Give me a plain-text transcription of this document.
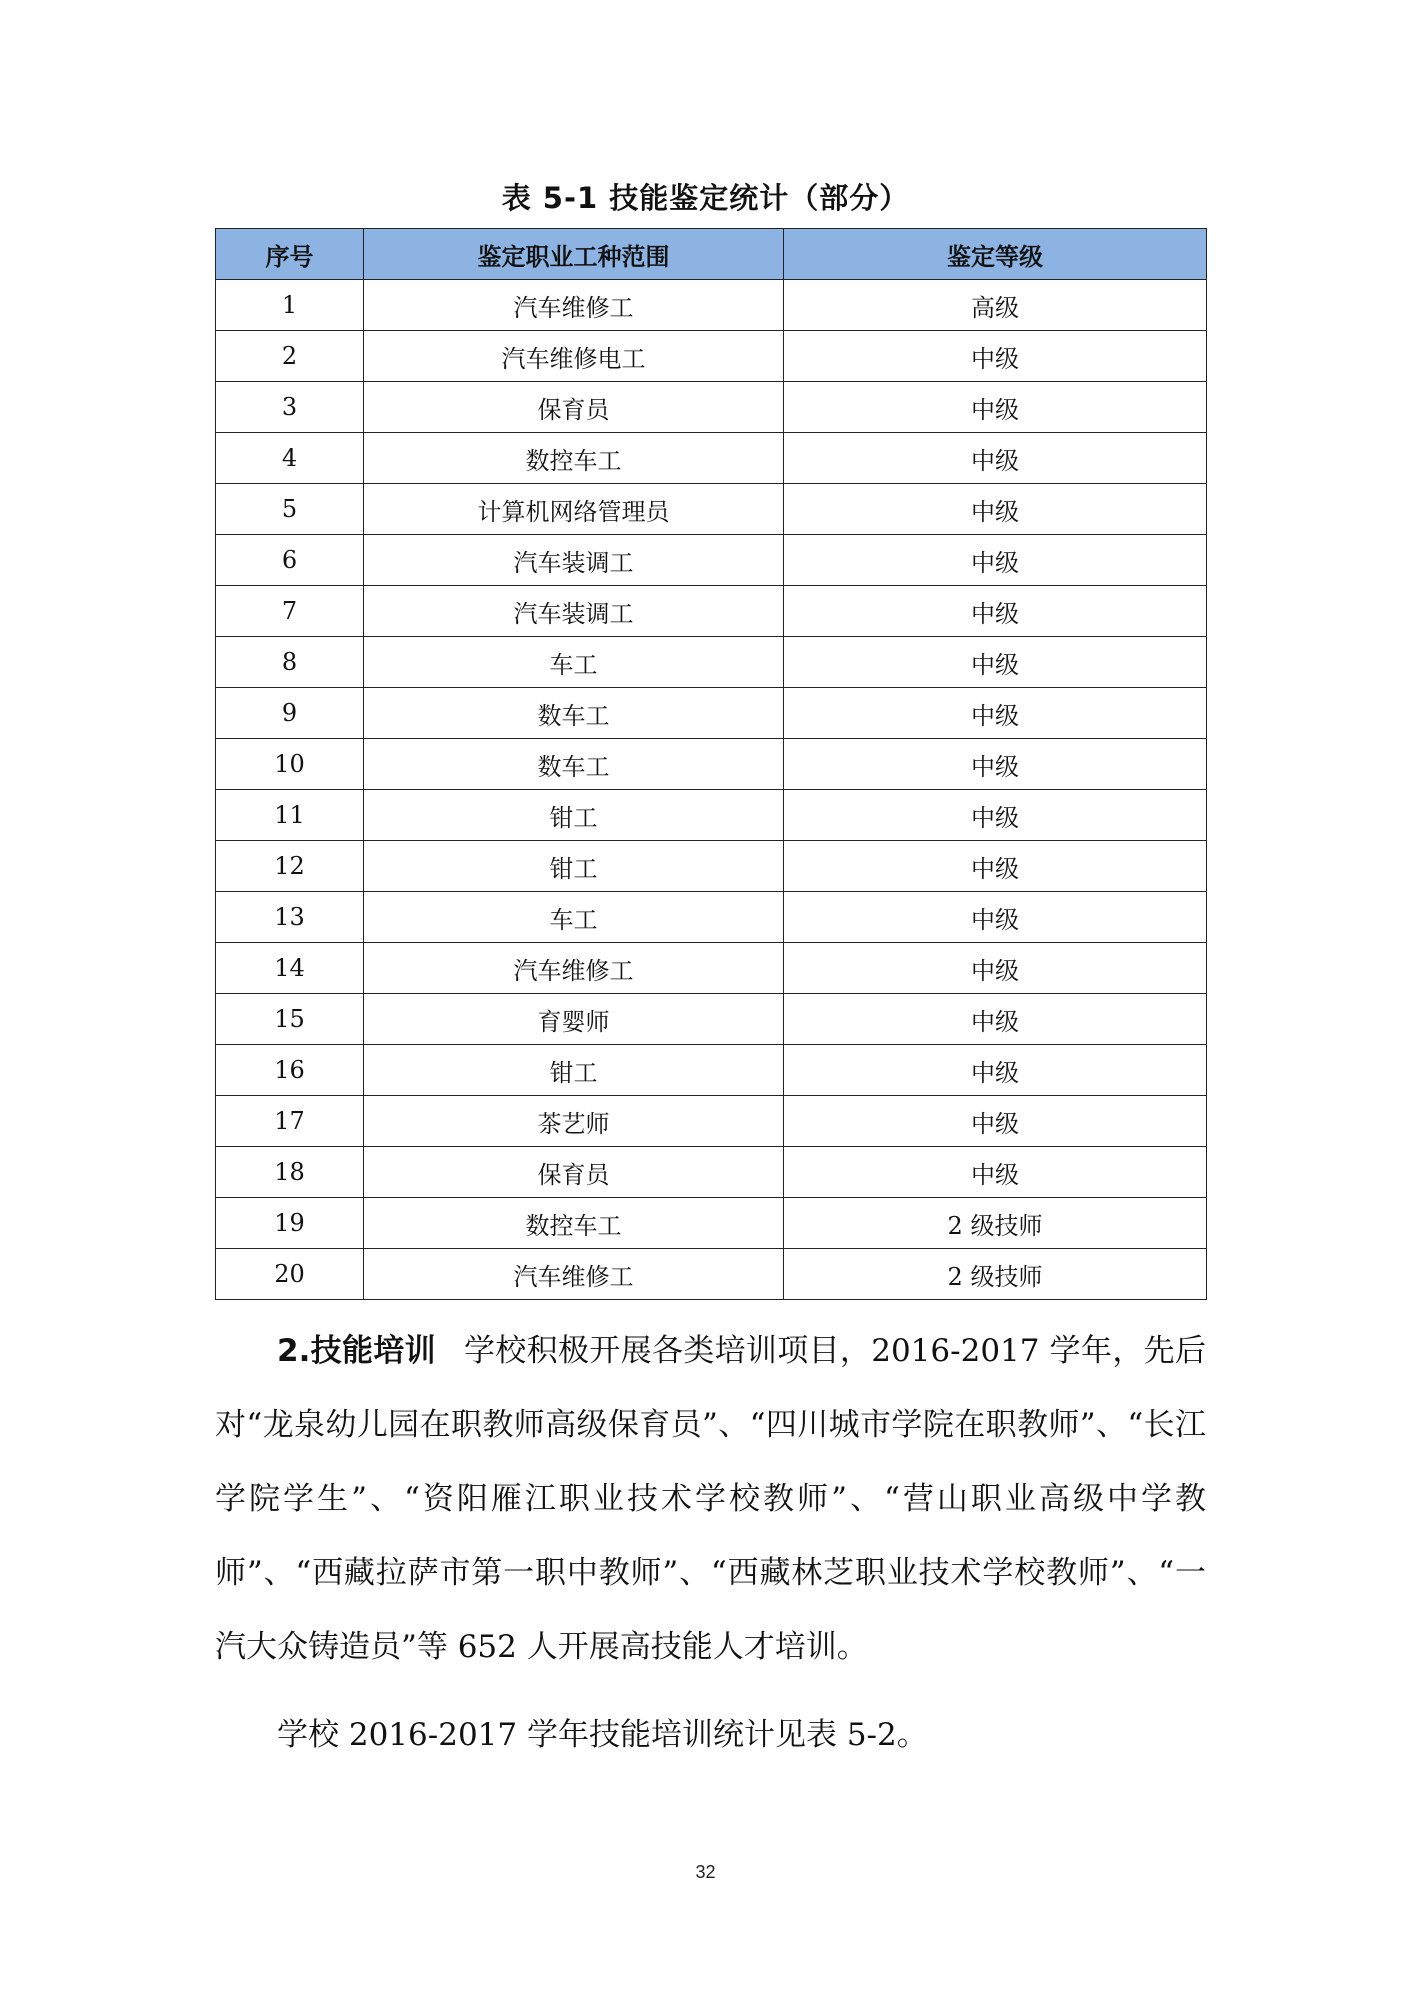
表 5-1 技能鉴定统计（部分）
序号	鉴定职业工种范围	鉴定等级
1	汽车维修工	高级
2	汽车维修电工	中级
3	保育员	中级
4	数控车工	中级
5	计算机网络管理员	中级
6	汽车装调工	中级
7	汽车装调工	中级
8	车工	中级
9	数车工	中级
10	数车工	中级
11	钳工	中级
12	钳工	中级
13	车工	中级
14	汽车维修工	中级
15	育婴师	中级
16	钳工	中级
17	茶艺师	中级
18	保育员	中级
19	数控车工	2 级技师
20	汽车维修工	2 级技师
2.技能培训 学校积极开展各类培训项目，2016-2017 学年，先后对“龙泉幼儿园在职教师高级保育员”、“四川城市学院在职教师”、“长江学院学生”、“资阳雁江职业技术学校教师”、“营山职业高级中学教师”、“西藏拉萨市第一职中教师”、“西藏林芝职业技术学校教师”、“一汽大众铸造员”等 652 人开展高技能人才培训。
学校 2016-2017 学年技能培训统计见表 5-2。
32
